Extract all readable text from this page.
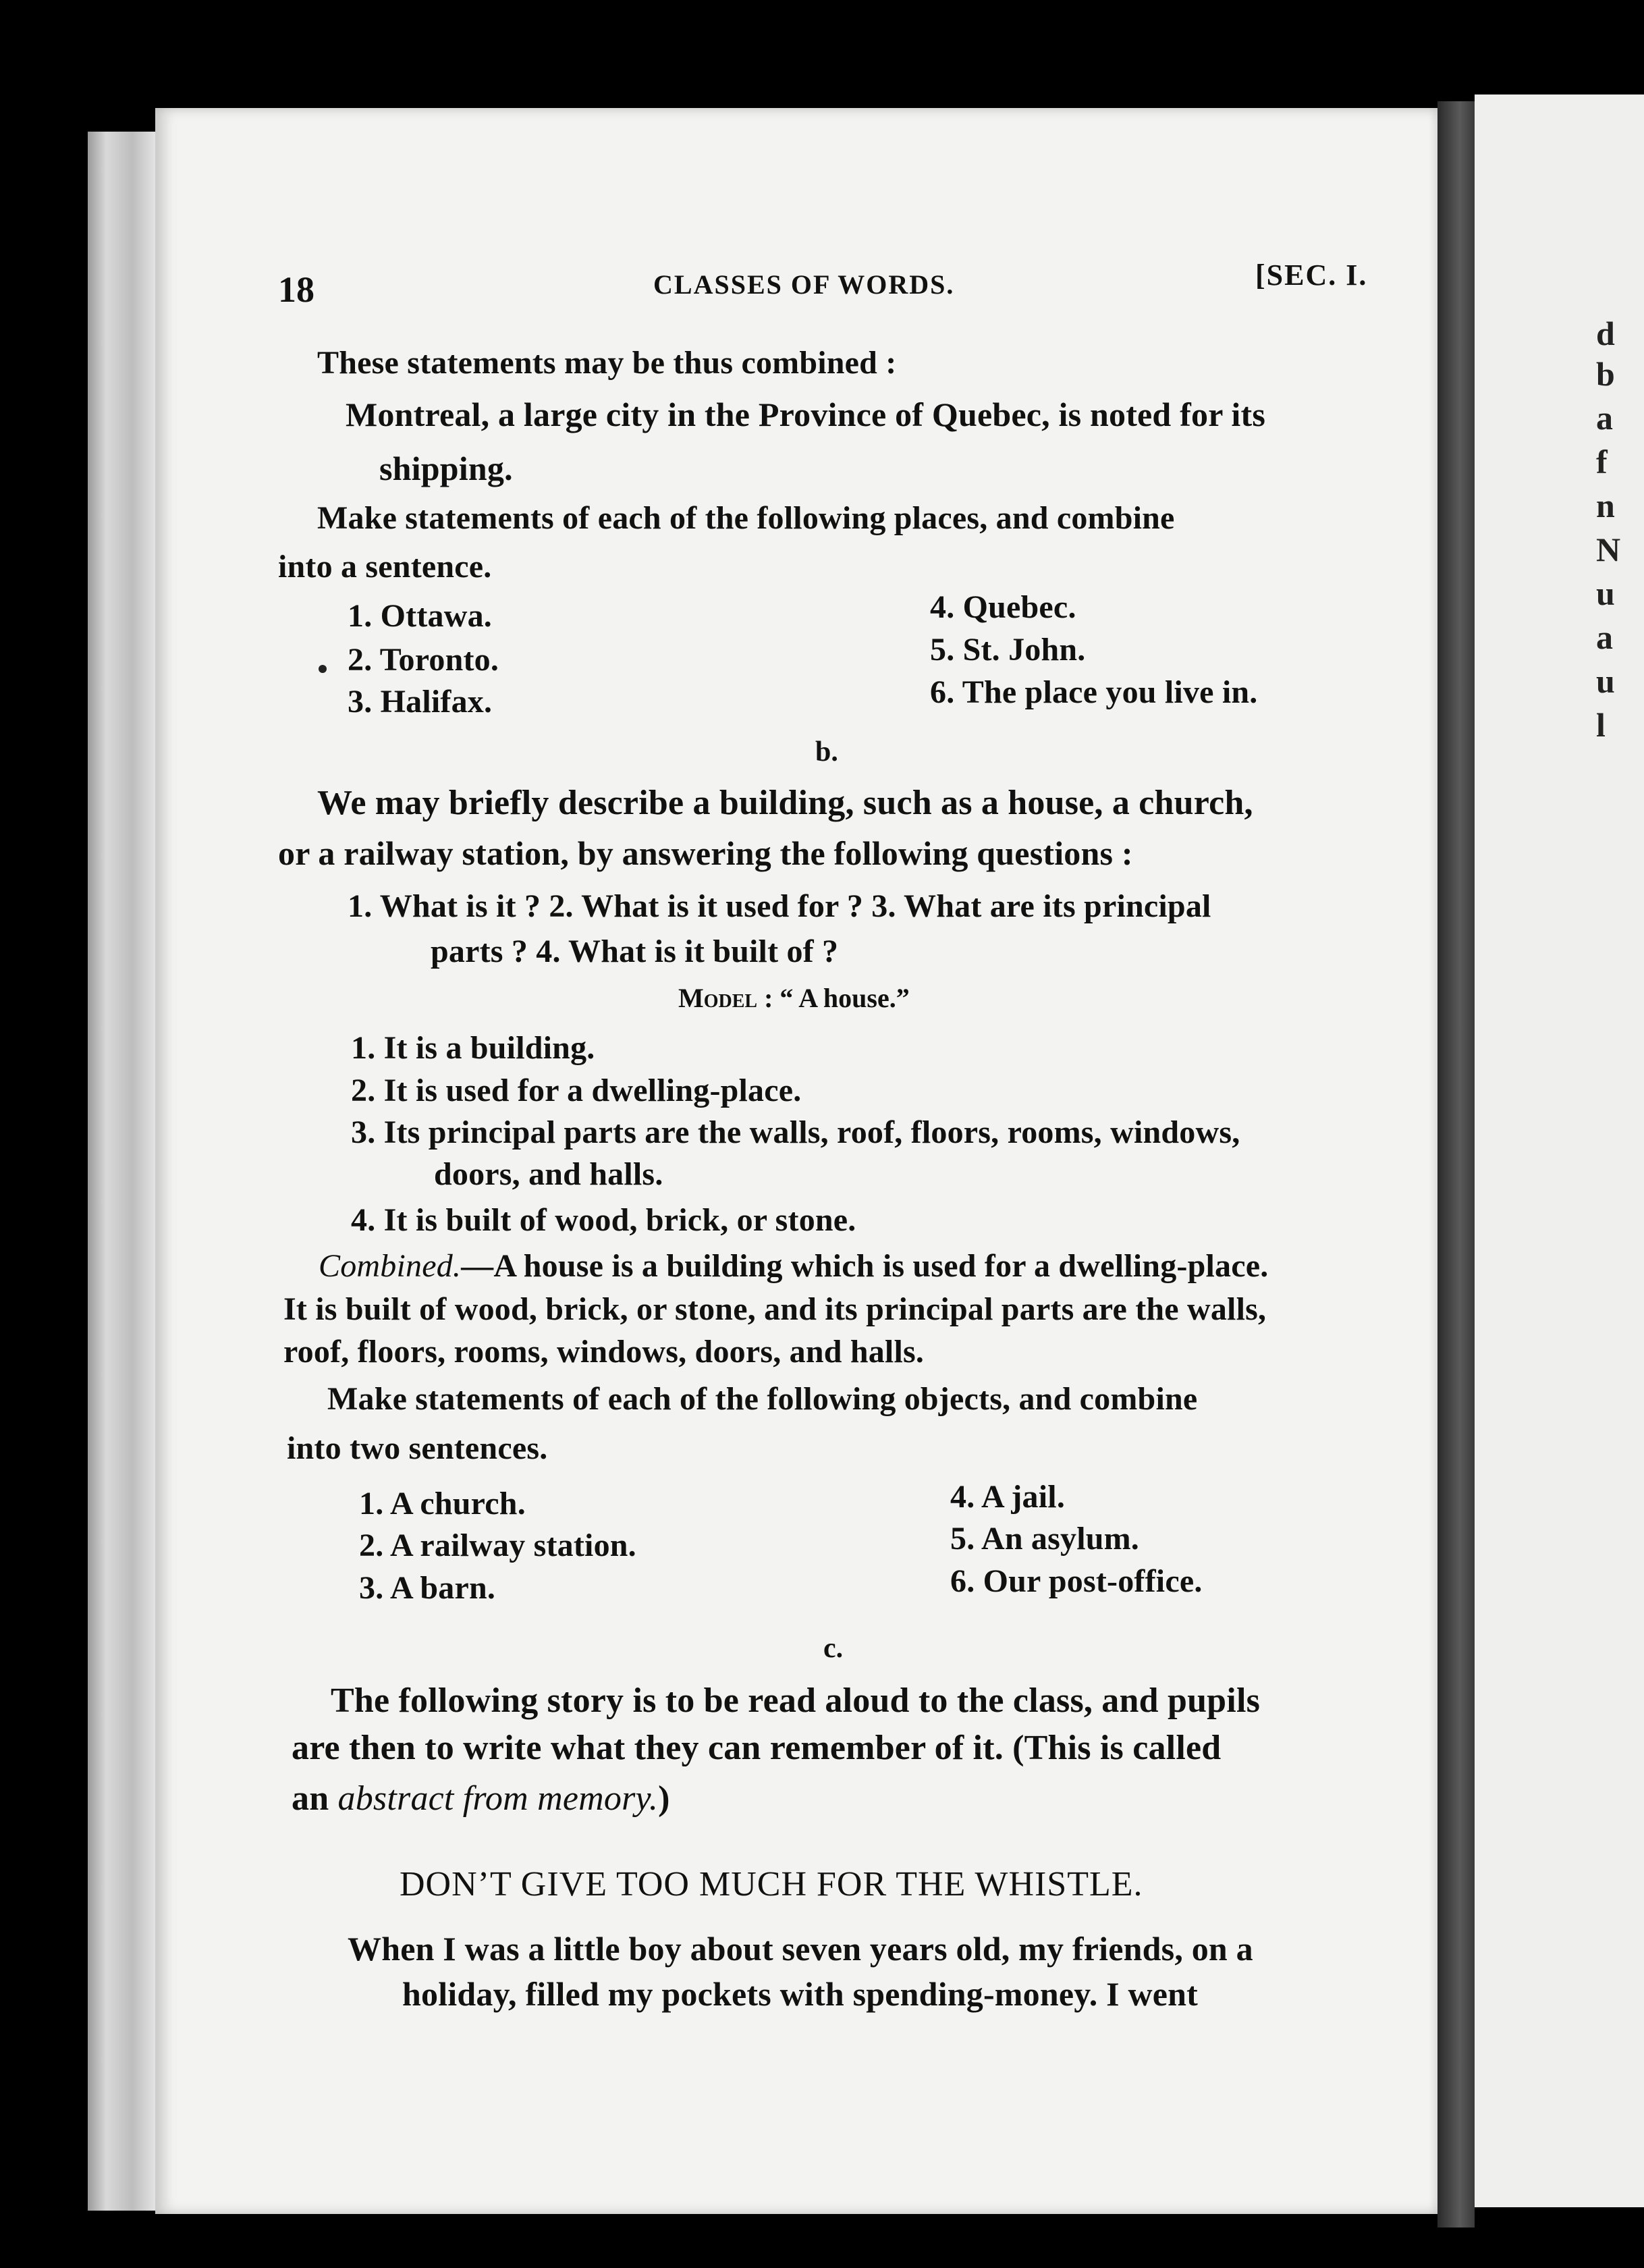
d
b
a
f
n
N
u
a
u
l
18	CLASSES OF WORDS.	[SEC. I.
These statements may be thus combined :
Montreal, a large city in the Province of Quebec, is noted for its
shipping.
Make statements of each of the following places, and combine
into a sentence.
1. Ottawa.
2. Toronto.
3. Halifax.
4. Quebec.
5. St. John.
6. The place you live in.
b.
We may briefly describe a building, such as a house, a church,
or a railway station, by answering the following questions :
1. What is it ? 2. What is it used for ? 3. What are its principal
parts ? 4. What is it built of ?
Model : “ A house.”
1. It is a building.
2. It is used for a dwelling-place.
3. Its principal parts are the walls, roof, floors, rooms, windows,
doors, and halls.
4. It is built of wood, brick, or stone.
Combined.—A house is a building which is used for a dwelling-place.
It is built of wood, brick, or stone, and its principal parts are the walls,
roof, floors, rooms, windows, doors, and halls.
Make statements of each of the following objects, and combine
into two sentences.
1. A church.
2. A railway station.
3. A barn.
4. A jail.
5. An asylum.
6. Our post-office.
c.
The following story is to be read aloud to the class, and pupils
are then to write what they can remember of it. (This is called
an abstract from memory.)
DON’T GIVE TOO MUCH FOR THE WHISTLE.
When I was a little boy about seven years old, my friends, on a
holiday, filled my pockets with spending-money. I went
